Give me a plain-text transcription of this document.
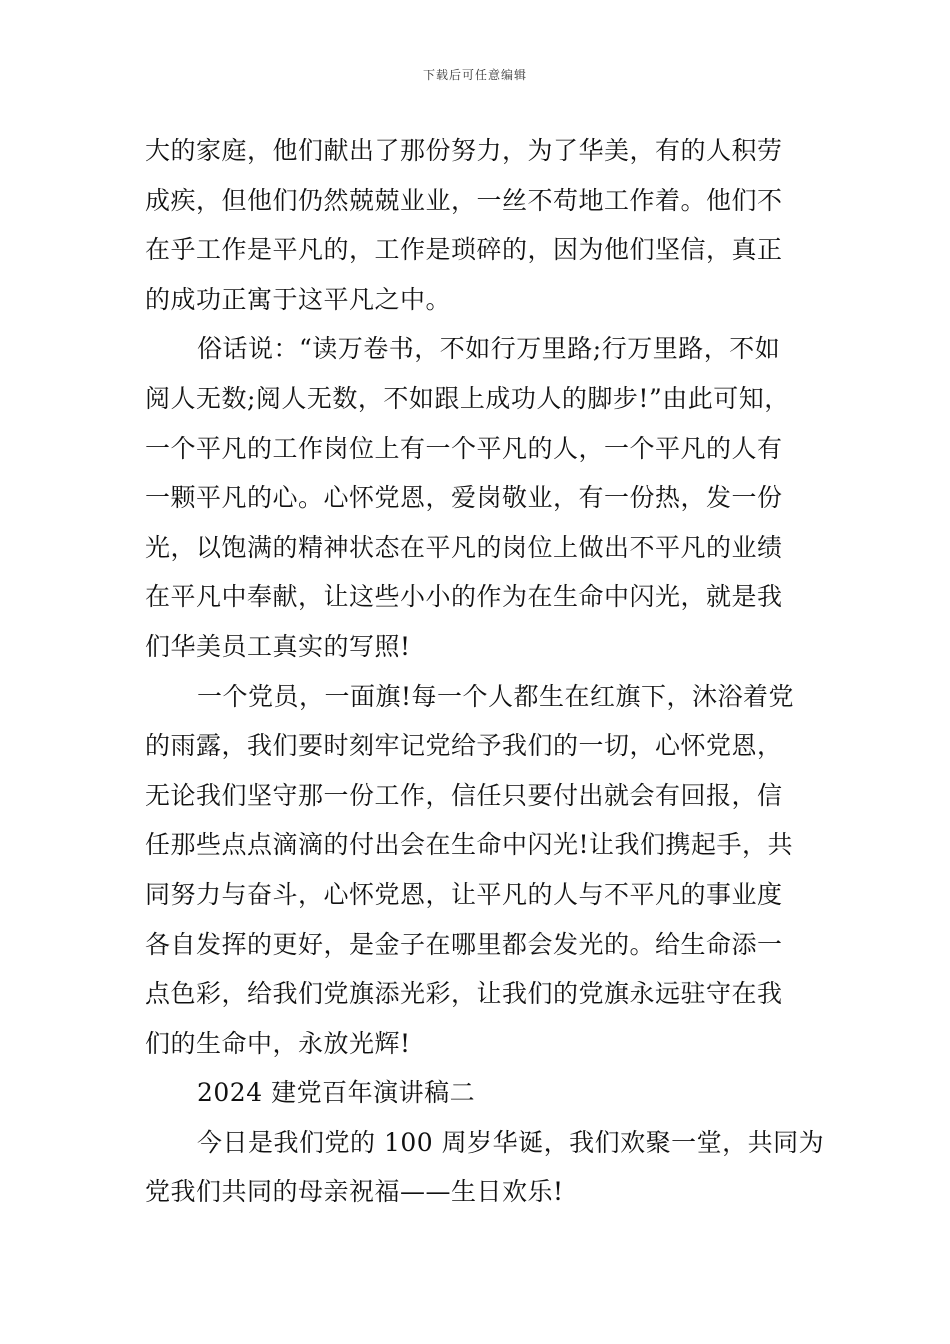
下载后可任意编辑
大的家庭，他们献出了那份努力，为了华美，有的人积劳
成疾，但他们仍然兢兢业业，一丝不苟地工作着。他们不
在乎工作是平凡的，工作是琐碎的，因为他们坚信，真正
的成功正寓于这平凡之中。
俗话说：“读万卷书，不如行万里路;行万里路，不如
阅人无数;阅人无数，不如跟上成功人的脚步!”由此可知，
一个平凡的工作岗位上有一个平凡的人，一个平凡的人有
一颗平凡的心。心怀党恩，爱岗敬业，有一份热，发一份
光，以饱满的精神状态在平凡的岗位上做出不平凡的业绩
在平凡中奉献，让这些小小的作为在生命中闪光，就是我
们华美员工真实的写照!
一个党员，一面旗!每一个人都生在红旗下，沐浴着党
的雨露，我们要时刻牢记党给予我们的一切，心怀党恩，
无论我们坚守那一份工作，信任只要付出就会有回报，信
任那些点点滴滴的付出会在生命中闪光!让我们携起手，共
同努力与奋斗，心怀党恩，让平凡的人与不平凡的事业度
各自发挥的更好，是金子在哪里都会发光的。给生命添一
点色彩，给我们党旗添光彩，让我们的党旗永远驻守在我
们的生命中，永放光辉!
2024 建党百年演讲稿二
今日是我们党的 100 周岁华诞，我们欢聚一堂，共同为
党我们共同的母亲祝福——生日欢乐!
